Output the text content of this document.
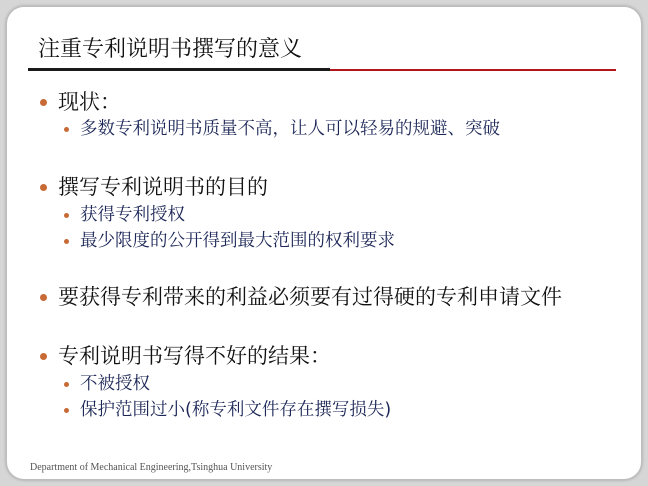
注重专利说明书撰写的意义
现状：
多数专利说明书质量不高，让人可以轻易的规避、突破
撰写专利说明书的目的
获得专利授权
最少限度的公开得到最大范围的权利要求
要获得专利带来的利益必须要有过得硬的专利申请文件
专利说明书写得不好的结果：
不被授权
保护范围过小(称专利文件存在撰写损失)
Department of Mechanical Engineering,Tsinghua University
